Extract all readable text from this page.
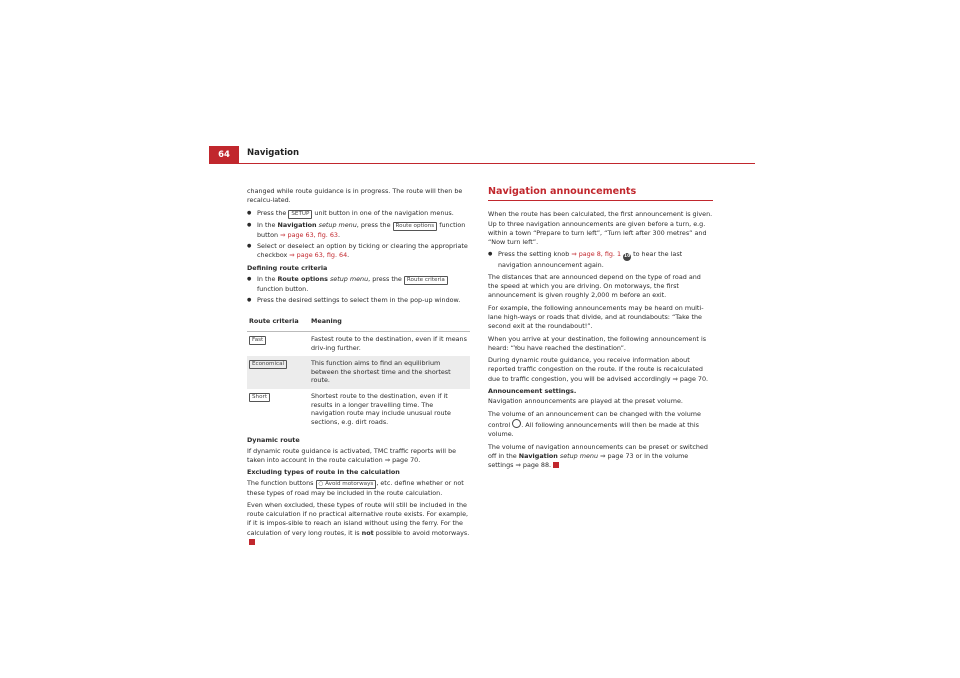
64	Navigation

changed while route guidance is in progress. The route will then be recalcu-lated.

● Press the SETUP unit button in one of the navigation menus.
● In the Navigation setup menu, press the Route options function button ⇒ page 63, fig. 63.
● Select or deselect an option by ticking or clearing the appropriate checkbox ⇒ page 63, fig. 64.

Defining route criteria

● In the Route options setup menu, press the Route criteria function button.
● Press the desired settings to select them in the pop-up window.
Route criteria	Meaning
Fast	Fastest route to the destination, even if it means driv-ing further.
Economical	This function aims to find an equilibrium between the shortest time and the shortest route.
Short	Shortest route to the destination, even if it results in a longer travelling time. The navigation route may include unusual route sections, e.g. dirt roads.

Dynamic route

If dynamic route guidance is activated, TMC traffic reports will be taken into account in the route calculation ⇒ page 70.

Excluding types of route in the calculation

The function buttons ○ Avoid motorways , etc. define whether or not these types of road may be included in the route calculation.

Even when excluded, these types of route will still be included in the route calculation if no practical alternative route exists. For example, if it is impos-sible to reach an island without using the ferry. For the calculation of very long routes, it is not possible to avoid motorways.

Navigation announcements

When the route has been calculated, the first announcement is given. Up to three navigation announcements are given before a turn, e.g. within a town “Prepare to turn left”, “Turn left after 300 metres” and “Now turn left”.

● Press the setting knob ⇒ page 8, fig. 1 10 to hear the last navigation announcement again.

The distances that are announced depend on the type of road and the speed at which you are driving. On motorways, the first announcement is given roughly 2,000 m before an exit.

For example, the following announcements may be heard on multi-lane high-ways or roads that divide, and at roundabouts: “Take the second exit at the roundabout!”.

When you arrive at your destination, the following announcement is heard: “You have reached the destination”.

During dynamic route guidance, you receive information about reported traffic congestion on the route. If the route is recalculated due to traffic congestion, you will be advised accordingly ⇒ page 70.

Announcement settings.

Navigation announcements are played at the preset volume.

The volume of an announcement can be changed with the volume control . All following announcements will then be made at this volume.

The volume of navigation announcements can be preset or switched off in the Navigation setup menu ⇒ page 73 or in the volume settings ⇒ page 88.
